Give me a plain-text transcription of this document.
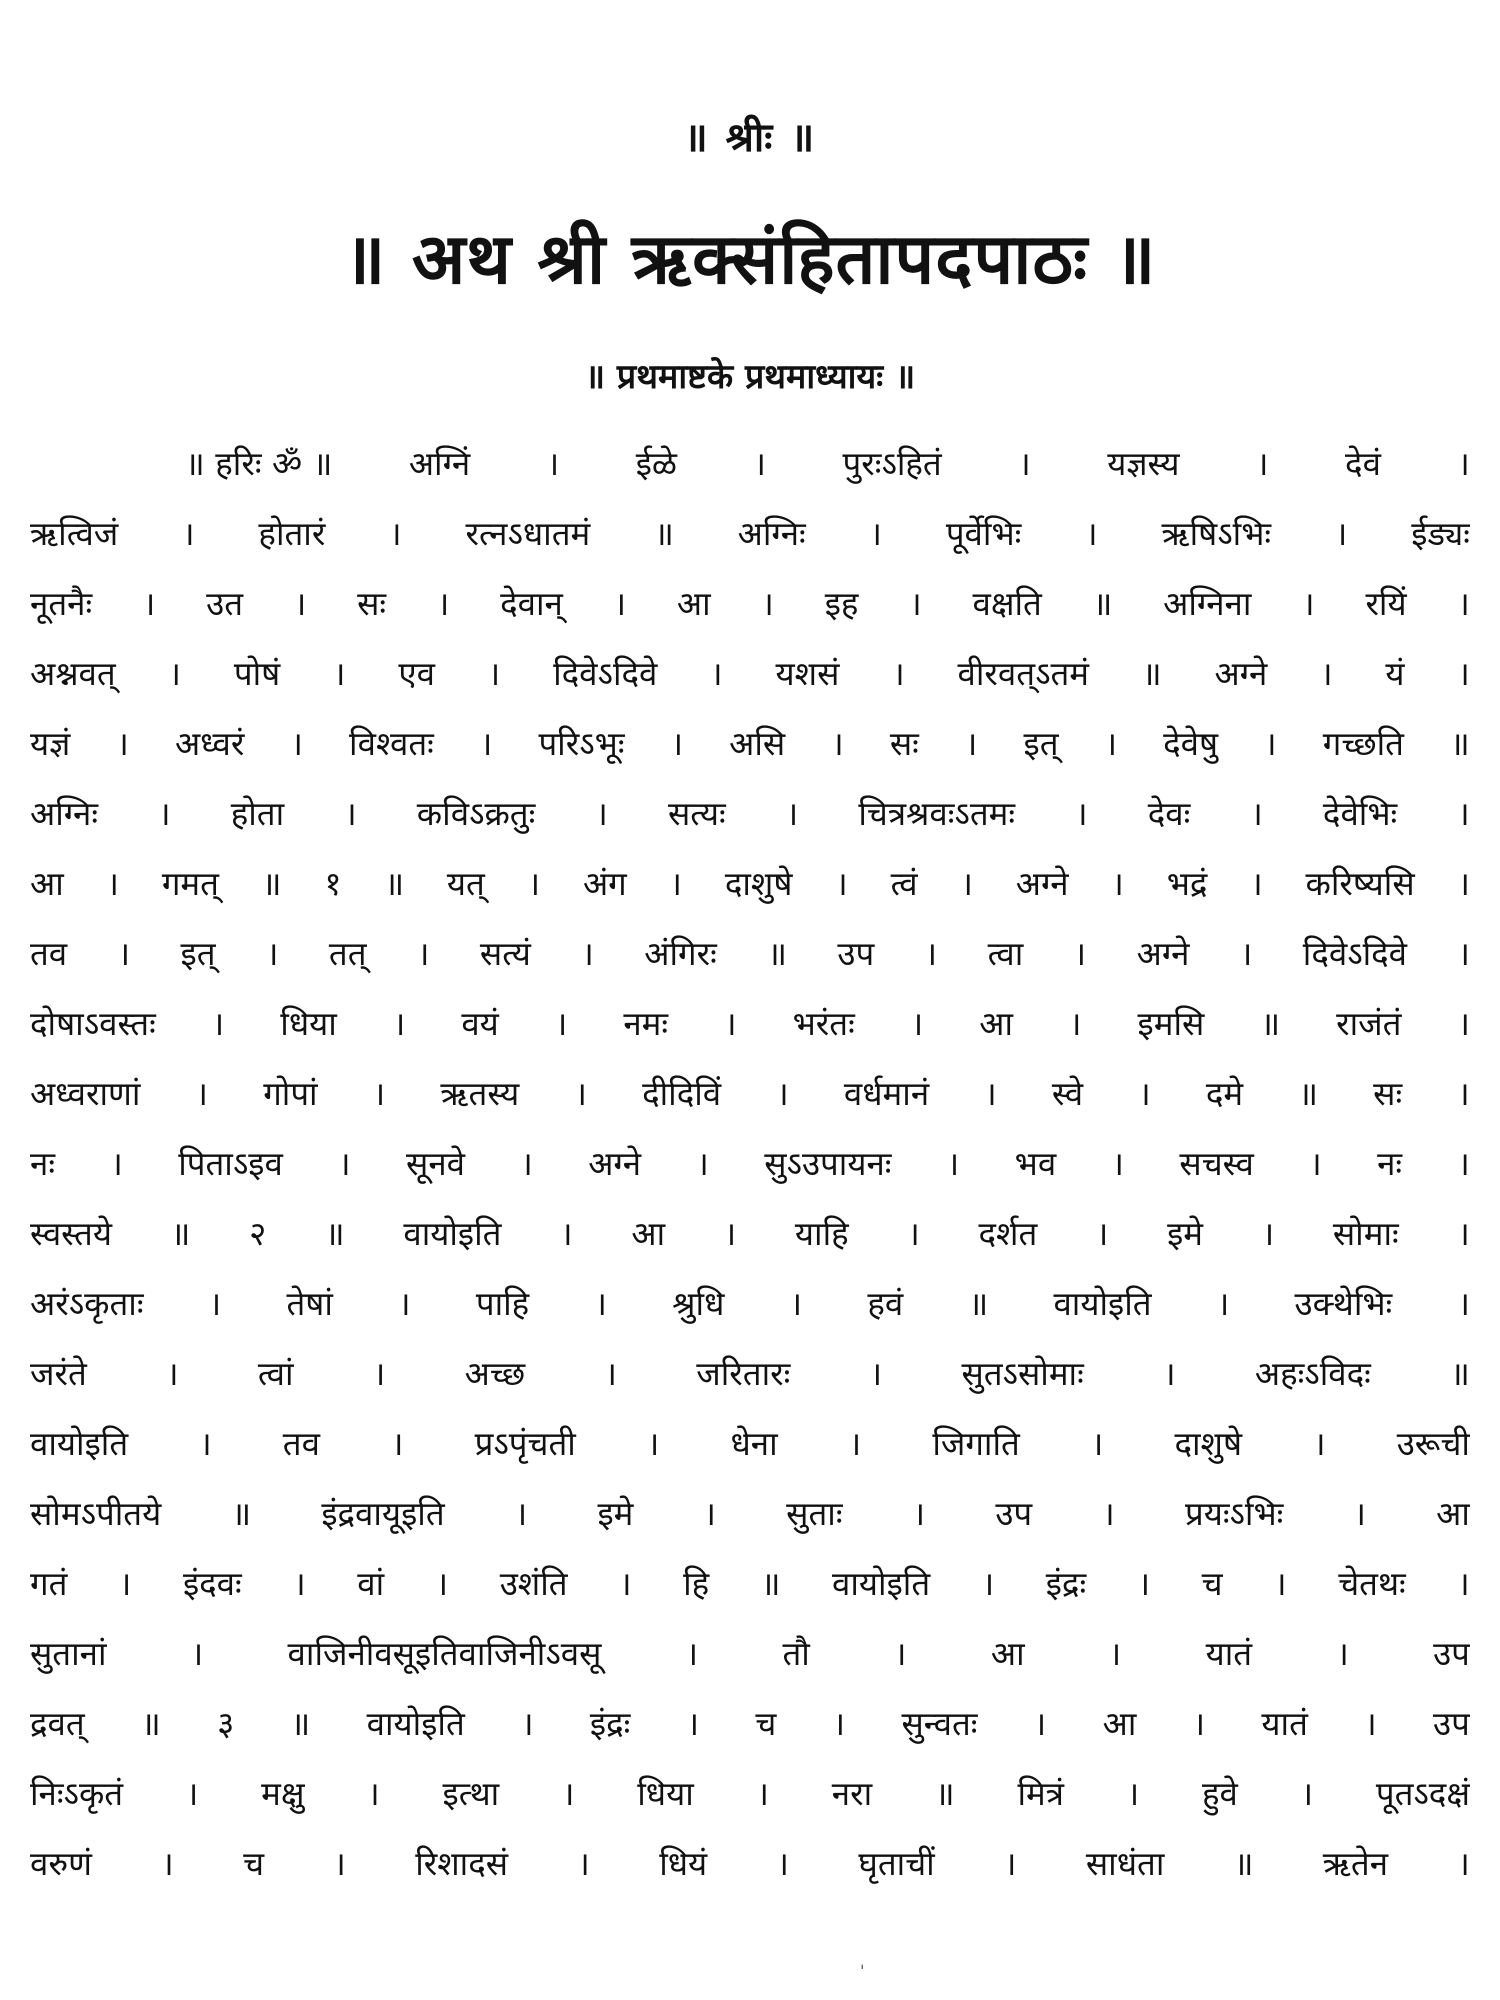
॥ श्रीः ॥
॥ अथ श्री ऋक्संहितापदपाठः ॥
॥ प्रथमाष्टके प्रथमाध्यायः ॥
॥ हरिः ॐ ॥ अग्निं । ईळे । पुरःऽहितं । यज्ञस्य । देवं ।
ऋत्विजं । होतारं । रत्नऽधातमं ॥ अग्निः । पूर्वेभिः । ऋषिऽभिः । ईड्यः
नूतनैः । उत । सः । देवान् । आ । इह । वक्षति ॥ अग्निना । रयिं ।
अश्नवत् । पोषं । एव । दिवेऽदिवे । यशसं । वीरवत्ऽतमं ॥ अग्ने । यं ।
यज्ञं । अध्वरं । विश्वतः । परिऽभूः । असि । सः । इत् । देवेषु । गच्छति ॥
अग्निः । होता । कविऽक्रतुः । सत्यः । चित्रश्रवःऽतमः । देवः । देवेभिः ।
आ । गमत् ॥ १ ॥ यत् । अंग । दाशुषे । त्वं । अग्ने । भद्रं । करिष्यसि ।
तव । इत् । तत् । सत्यं । अंगिरः ॥ उप । त्वा । अग्ने । दिवेऽदिवे ।
दोषाऽवस्तः । धिया । वयं । नमः । भरंतः । आ । इमसि ॥ राजंतं ।
अध्वराणां । गोपां । ऋतस्य । दीदिविं । वर्धमानं । स्वे । दमे ॥ सः ।
नः । पिताऽइव । सूनवे । अग्ने । सुऽउपायनः । भव । सचस्व । नः ।
स्वस्तये ॥ २ ॥ वायोइति । आ । याहि । दर्शत । इमे । सोमाः ।
अरंऽकृताः । तेषां । पाहि । श्रुधि । हवं ॥ वायोइति । उक्थेभिः ।
जरंते । त्वां । अच्छ । जरितारः । सुतऽसोमाः । अहःऽविदः ॥
वायोइति । तव । प्रऽपृंचती । धेना । जिगाति । दाशुषे । उरूची
सोमऽपीतये ॥ इंद्रवायूइति । इमे । सुताः । उप । प्रयःऽभिः । आ
गतं । इंदवः । वां । उशंति । हि ॥ वायोइति । इंद्रः । च । चेतथः ।
सुतानां	।	वाजिनीवसूइतिवाजिनीऽवसू	।	तौ	।	आ	।	यातं	।	उप
द्रवत् ॥ ३ ॥ वायोइति । इंद्रः । च । सुन्वतः । आ । यातं । उप
निःऽकृतं । मक्षु । इत्था । धिया । नरा ॥ मित्रं । हुवे । पूतऽदक्षं
वरुणं । च । रिशादसं । धियं । घृताचीं । साधंता ॥ ऋतेन ।
ˈ
